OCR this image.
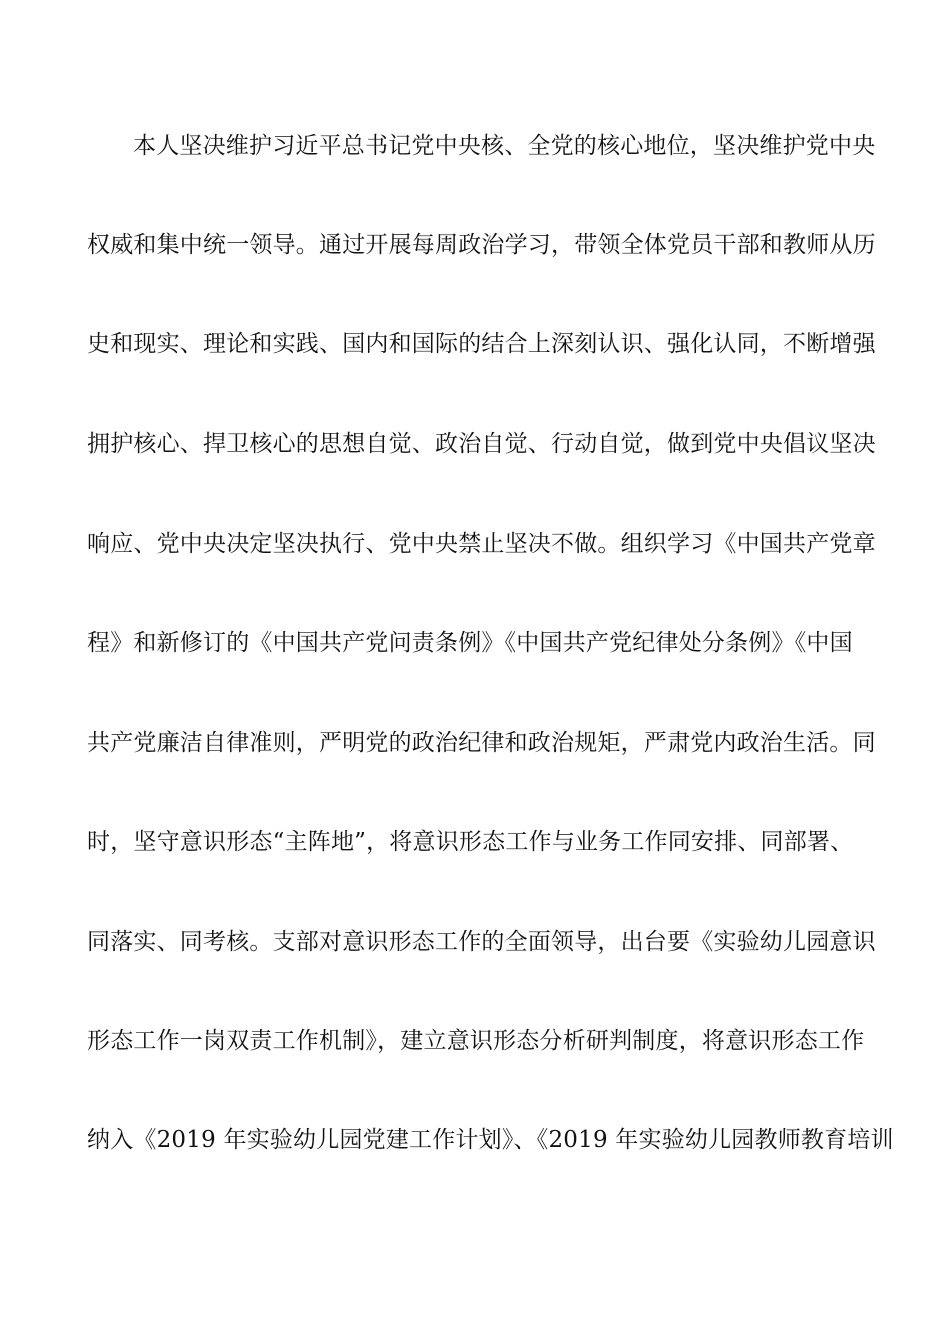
本人坚决维护习近平总书记党中央核、全党的核心地位，坚决维护党中央
权威和集中统一领导。通过开展每周政治学习，带领全体党员干部和教师从历
史和现实、理论和实践、国内和国际的结合上深刻认识、强化认同，不断增强
拥护核心、捍卫核心的思想自觉、政治自觉、行动自觉，做到党中央倡议坚决
响应、党中央决定坚决执行、党中央禁止坚决不做。组织学习《中国共产党章
程》和新修订的《中国共产党问责条例》《中国共产党纪律处分条例》《中国
共产党廉洁自律准则，严明党的政治纪律和政治规矩，严肃党内政治生活。同
时，坚守意识形态“主阵地”，将意识形态工作与业务工作同安排、同部署、
同落实、同考核。支部对意识形态工作的全面领导，出台要《实验幼儿园意识
形态工作一岗双责工作机制》，建立意识形态分析研判制度，将意识形态工作
纳入《2019 年实验幼儿园党建工作计划》、《2019 年实验幼儿园教师教育培训
